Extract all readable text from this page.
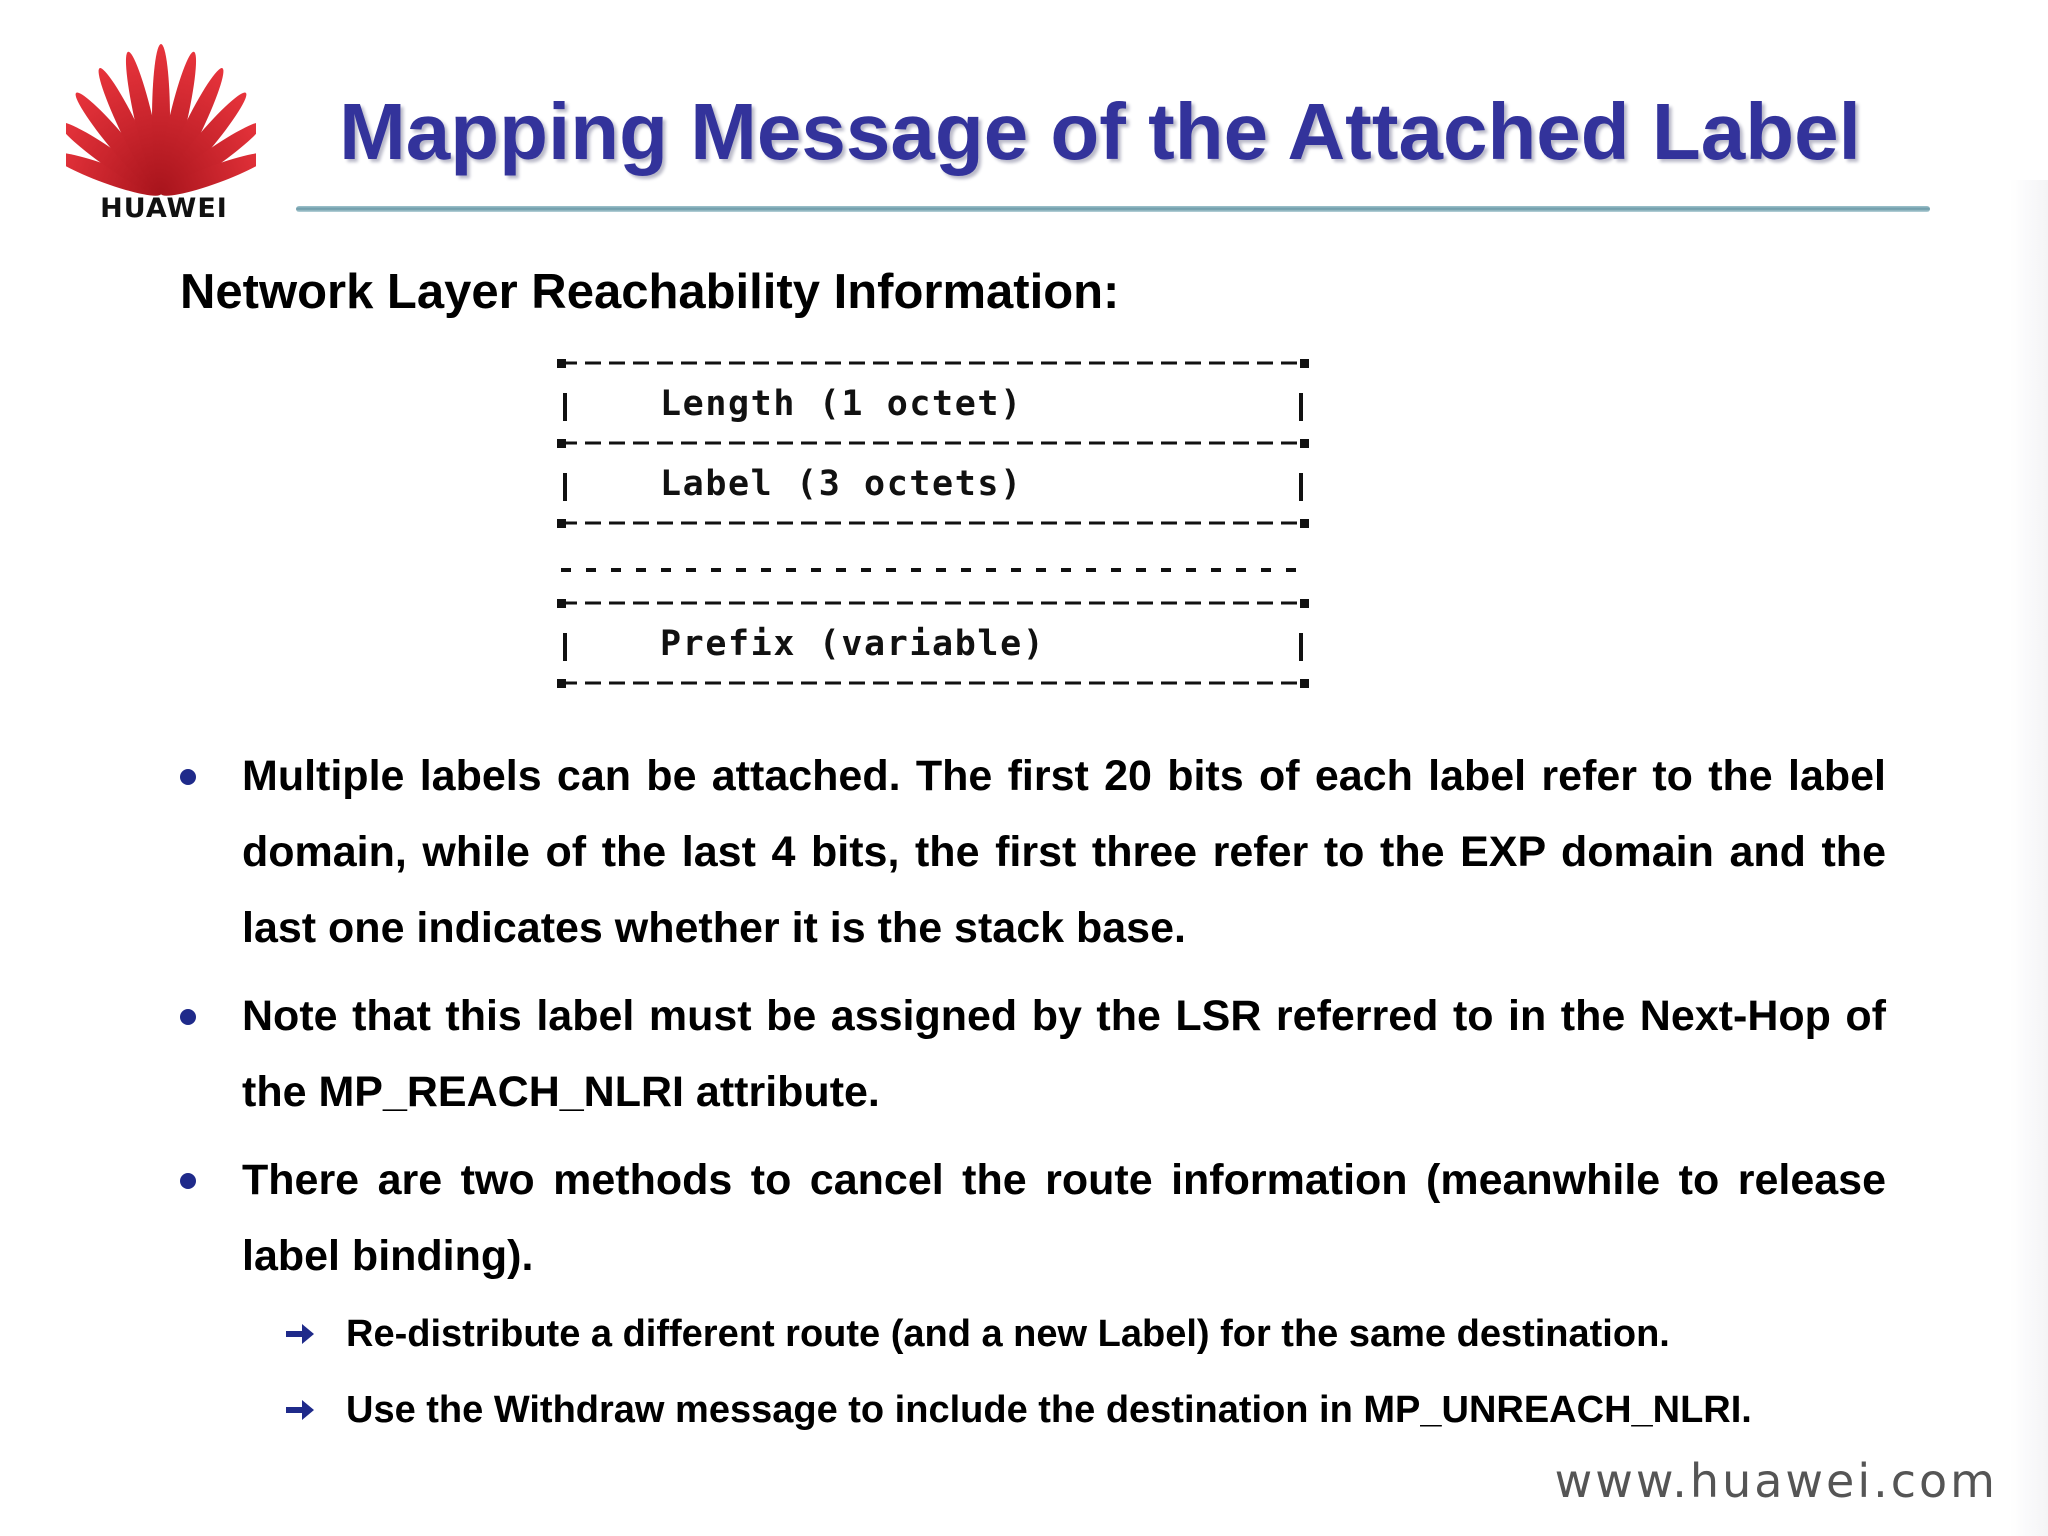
HUAWEI
Mapping Message of the Attached Label
Network Layer Reachability Information:
Length (1 octet)
Label (3 octets)
Prefix (variable)
Multiple labels can be attached. The first 20 bits of each label refer to the label domain, while of the last 4 bits, the first three refer to the EXP domain and the last one indicates whether it is the stack base.
Note that this label must be assigned by the LSR referred to in the Next-Hop of the MP_REACH_NLRI attribute.
There are two methods to cancel the route information (meanwhile to release label binding).
Re-distribute a different route (and a new Label) for the same destination.
Use the Withdraw message to include the destination in MP_UNREACH_NLRI.
www.huawei.com
